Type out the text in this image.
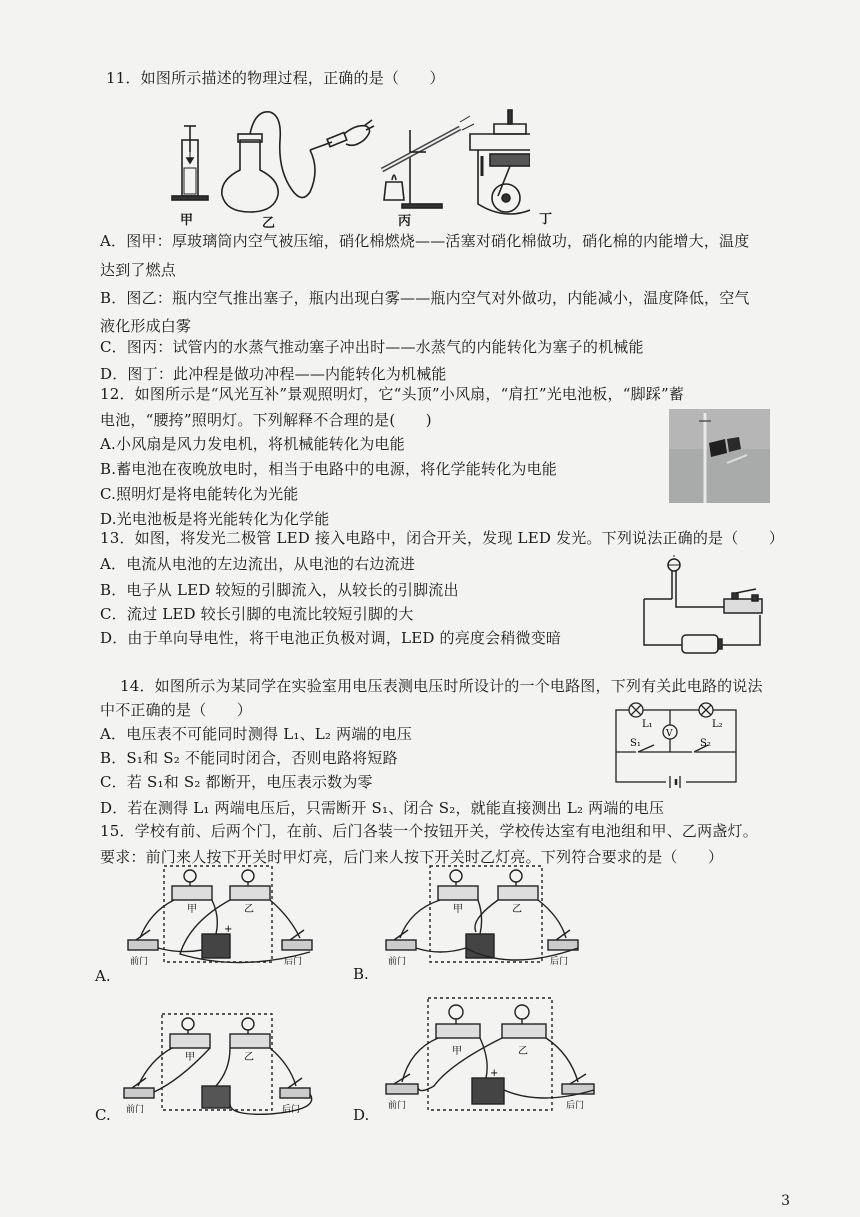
11．如图所示描述的物理过程，正确的是（　　）
甲	乙	丙	丁
A．图甲：厚玻璃筒内空气被压缩，硝化棉燃烧——活塞对硝化棉做功，硝化棉的内能增大，温度
达到了燃点
B．图乙：瓶内空气推出塞子，瓶内出现白雾——瓶内空气对外做功，内能减小，温度降低，空气
液化形成白雾
C．图丙：试管内的水蒸气推动塞子冲出时——水蒸气的内能转化为塞子的机械能
D．图丁：此冲程是做功冲程——内能转化为机械能
12．如图所示是“风光互补”景观照明灯，它“头顶”小风扇，“肩扛”光电池板，“脚踩”蓄
电池，“腰挎”照明灯。下列解释不合理的是(　　)
A.小风扇是风力发电机，将机械能转化为电能
B.蓄电池在夜晚放电时，相当于电路中的电源，将化学能转化为电能
C.照明灯是将电能转化为光能
D.光电池板是将光能转化为化学能
13．如图，将发光二极管 LED 接入电路中，闭合开关，发现 LED 发光。下列说法正确的是（　　）
A．电流从电池的左边流出，从电池的右边流进
B．电子从 LED 较短的引脚流入，从较长的引脚流出
C．流过 LED 较长引脚的电流比较短引脚的大
D．由于单向导电性，将干电池正负极对调，LED 的亮度会稍微变暗
14．如图所示为某同学在实验室用电压表测电压时所设计的一个电路图，下列有关此电路的说法
中不正确的是（　　）
A．电压表不可能同时测得 L₁、L₂ 两端的电压
B．S₁和 S₂ 不能同时闭合，否则电路将短路
C．若 S₁和 S₂ 都断开，电压表示数为零
D．若在测得 L₁ 两端电压后，只需断开 S₁、闭合 S₂，就能直接测出 L₂ 两端的电压
L₁	L₂
V
S₁	S₂
15．学校有前、后两个门，在前、后门各装一个按钮开关，学校传达室有电池组和甲、乙两盏灯。
要求：前门来人按下开关时甲灯亮，后门来人按下开关时乙灯亮。下列符合要求的是（　　）
甲	乙
前门	后门
+
A.
甲	乙
前门	后门
B.
甲	乙
前门	后门
C.
甲	乙
前门	后门
+
D.
3
